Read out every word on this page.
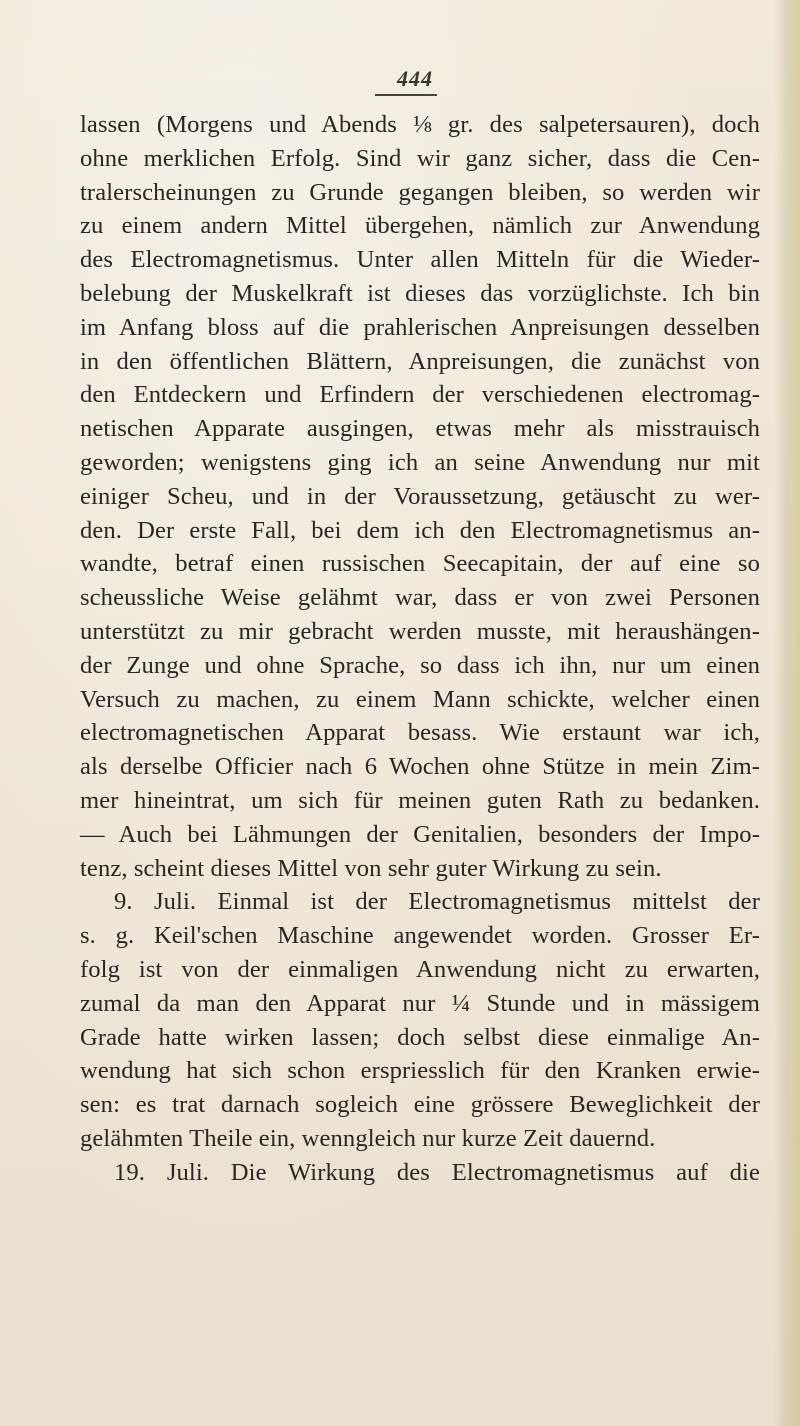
444
lassen (Morgens und Abends ⅛ gr. des salpetersauren), doch
ohne merklichen Erfolg. Sind wir ganz sicher, dass die Cen-
tralerscheinungen zu Grunde gegangen bleiben, so werden wir
zu einem andern Mittel übergehen, nämlich zur Anwendung
des Electromagnetismus. Unter allen Mitteln für die Wieder-
belebung der Muskelkraft ist dieses das vorzüglichste. Ich bin
im Anfang bloss auf die prahlerischen Anpreisungen desselben
in den öffentlichen Blättern, Anpreisungen, die zunächst von
den Entdeckern und Erfindern der verschiedenen electromag-
netischen Apparate ausgingen, etwas mehr als misstrauisch
geworden; wenigstens ging ich an seine Anwendung nur mit
einiger Scheu, und in der Voraussetzung, getäuscht zu wer-
den. Der erste Fall, bei dem ich den Electromagnetismus an-
wandte, betraf einen russischen Seecapitain, der auf eine so
scheussliche Weise gelähmt war, dass er von zwei Personen
unterstützt zu mir gebracht werden musste, mit heraushängen-
der Zunge und ohne Sprache, so dass ich ihn, nur um einen
Versuch zu machen, zu einem Mann schickte, welcher einen
electromagnetischen Apparat besass. Wie erstaunt war ich,
als derselbe Officier nach 6 Wochen ohne Stütze in mein Zim-
mer hineintrat, um sich für meinen guten Rath zu bedanken.
— Auch bei Lähmungen der Genitalien, besonders der Impo-
tenz, scheint dieses Mittel von sehr guter Wirkung zu sein.
9. Juli. Einmal ist der Electromagnetismus mittelst der
s. g. Keil'schen Maschine angewendet worden. Grosser Er-
folg ist von der einmaligen Anwendung nicht zu erwarten,
zumal da man den Apparat nur ¼ Stunde und in mässigem
Grade hatte wirken lassen; doch selbst diese einmalige An-
wendung hat sich schon erspriesslich für den Kranken erwie-
sen: es trat darnach sogleich eine grössere Beweglichkeit der
gelähmten Theile ein, wenngleich nur kurze Zeit dauernd.
19. Juli. Die Wirkung des Electromagnetismus auf die
